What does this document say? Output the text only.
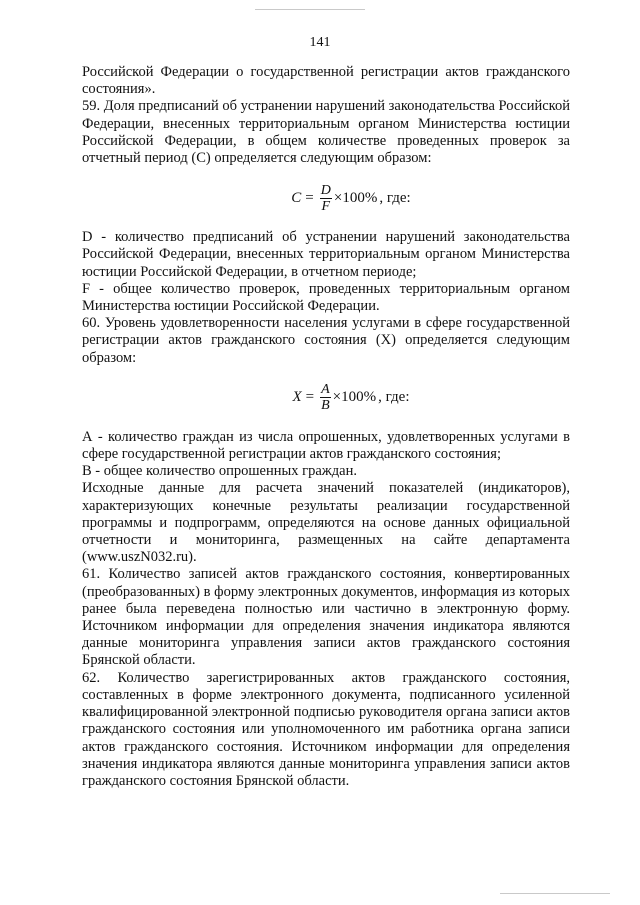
141

Российской Федерации о государственной регистрации актов гражданского состояния».

59. Доля предписаний об устранении нарушений законодательства Российской Федерации, внесенных территориальным органом Министерства юстиции Российской Федерации, в общем количестве проведенных проверок за отчетный период (С) определяется следующим образом:

$C = \frac{D}{F} \times 100\%$ , где:

D - количество предписаний об устранении нарушений законодательства Российской Федерации, внесенных территориальным органом Министерства юстиции Российской Федерации, в отчетном периоде;

F - общее количество проверок, проведенных территориальным органом Министерства юстиции Российской Федерации.

60. Уровень удовлетворенности населения услугами в сфере государственной регистрации актов гражданского состояния (Х) определяется следующим образом:

$X = \frac{A}{B} \times 100\%$ , где:

А - количество граждан из числа опрошенных, удовлетворенных услугами в сфере государственной регистрации актов гражданского состояния;

В - общее количество опрошенных граждан.

Исходные данные для расчета значений показателей (индикаторов), характеризующих конечные результаты реализации государственной программы и подпрограмм, определяются на основе данных официальной отчетности и мониторинга, размещенных на сайте департамента (www.uszN032.ru).

61. Количество записей актов гражданского состояния, конвертированных (преобразованных) в форму электронных документов, информация из которых ранее была переведена полностью или частично в электронную форму. Источником информации для определения значения индикатора являются данные мониторинга управления записи актов гражданского состояния Брянской области.

62. Количество зарегистрированных актов гражданского состояния, составленных в форме электронного документа, подписанного усиленной квалифицированной электронной подписью руководителя органа записи актов гражданского состояния или уполномоченного им работника органа записи актов гражданского состояния. Источником информации для определения значения индикатора являются данные мониторинга управления записи актов гражданского состояния Брянской области.
